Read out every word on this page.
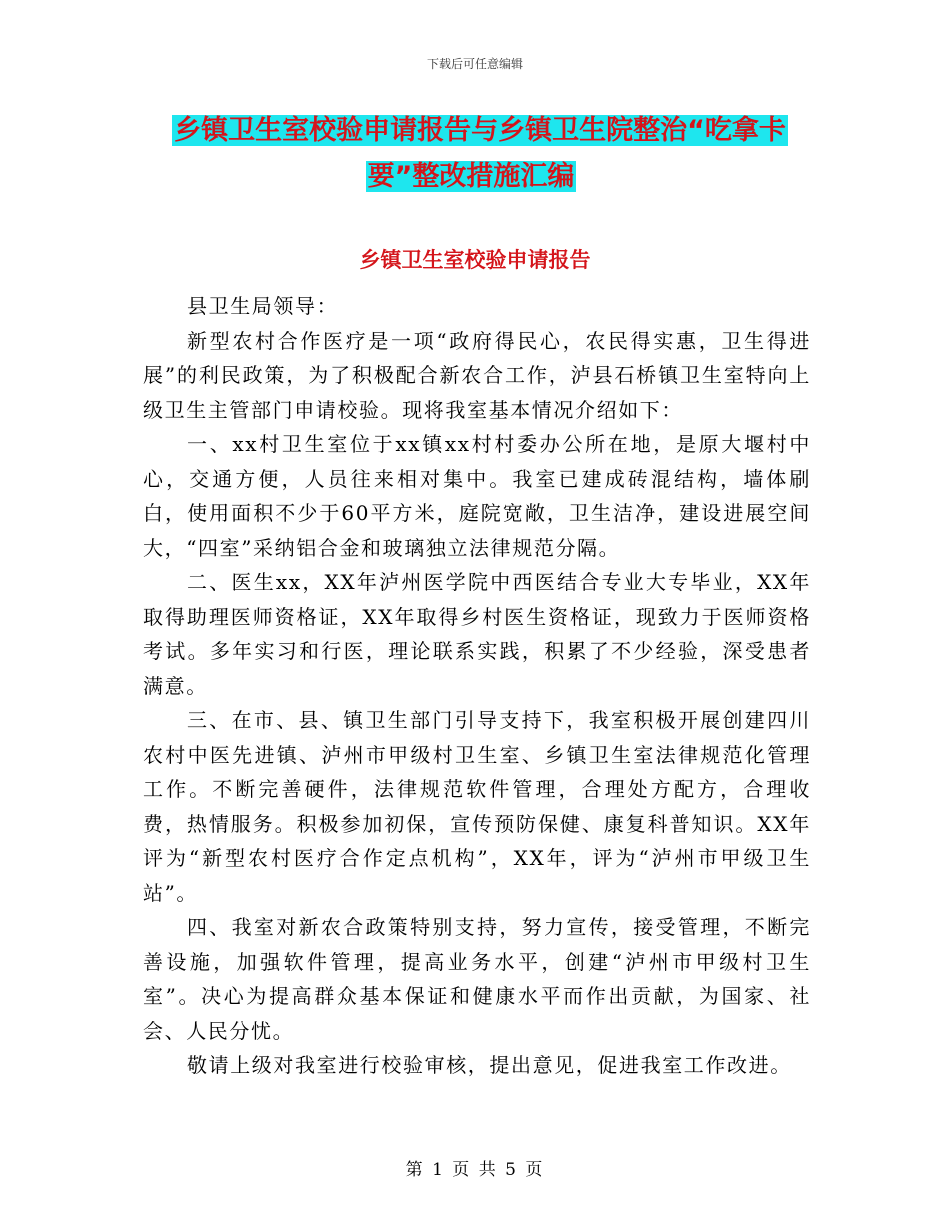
下载后可任意编辑
乡镇卫生室校验申请报告与乡镇卫生院整治“吃拿卡
要”整改措施汇编
乡镇卫生室校验申请报告

县卫生局领导：

新型农村合作医疗是一项“政府得民心，农民得实惠，卫生得进展”的利民政策，为了积极配合新农合工作，泸县石桥镇卫生室特向上级卫生主管部门申请校验。现将我室基本情况介绍如下：

一、xx村卫生室位于xx镇xx村村委办公所在地，是原大堰村中心，交通方便，人员往来相对集中。我室已建成砖混结构，墙体刷白，使用面积不少于60平方米，庭院宽敞，卫生洁净，建设进展空间大，“四室”采纳铝合金和玻璃独立法律规范分隔。

二、医生xx，XX年泸州医学院中西医结合专业大专毕业，XX年取得助理医师资格证，XX年取得乡村医生资格证，现致力于医师资格考试。多年实习和行医，理论联系实践，积累了不少经验，深受患者满意。

三、在市、县、镇卫生部门引导支持下，我室积极开展创建四川农村中医先进镇、泸州市甲级村卫生室、乡镇卫生室法律规范化管理工作。不断完善硬件，法律规范软件管理，合理处方配方，合理收费，热情服务。积极参加初保，宣传预防保健、康复科普知识。XX年评为“新型农村医疗合作定点机构”，XX年，评为“泸州市甲级卫生站”。

四、我室对新农合政策特别支持，努力宣传，接受管理，不断完善设施，加强软件管理，提高业务水平，创建“泸州市甲级村卫生室”。决心为提高群众基本保证和健康水平而作出贡献，为国家、社会、人民分忧。

敬请上级对我室进行校验审核，提出意见，促进我室工作改进。

第 1 页 共 5 页
